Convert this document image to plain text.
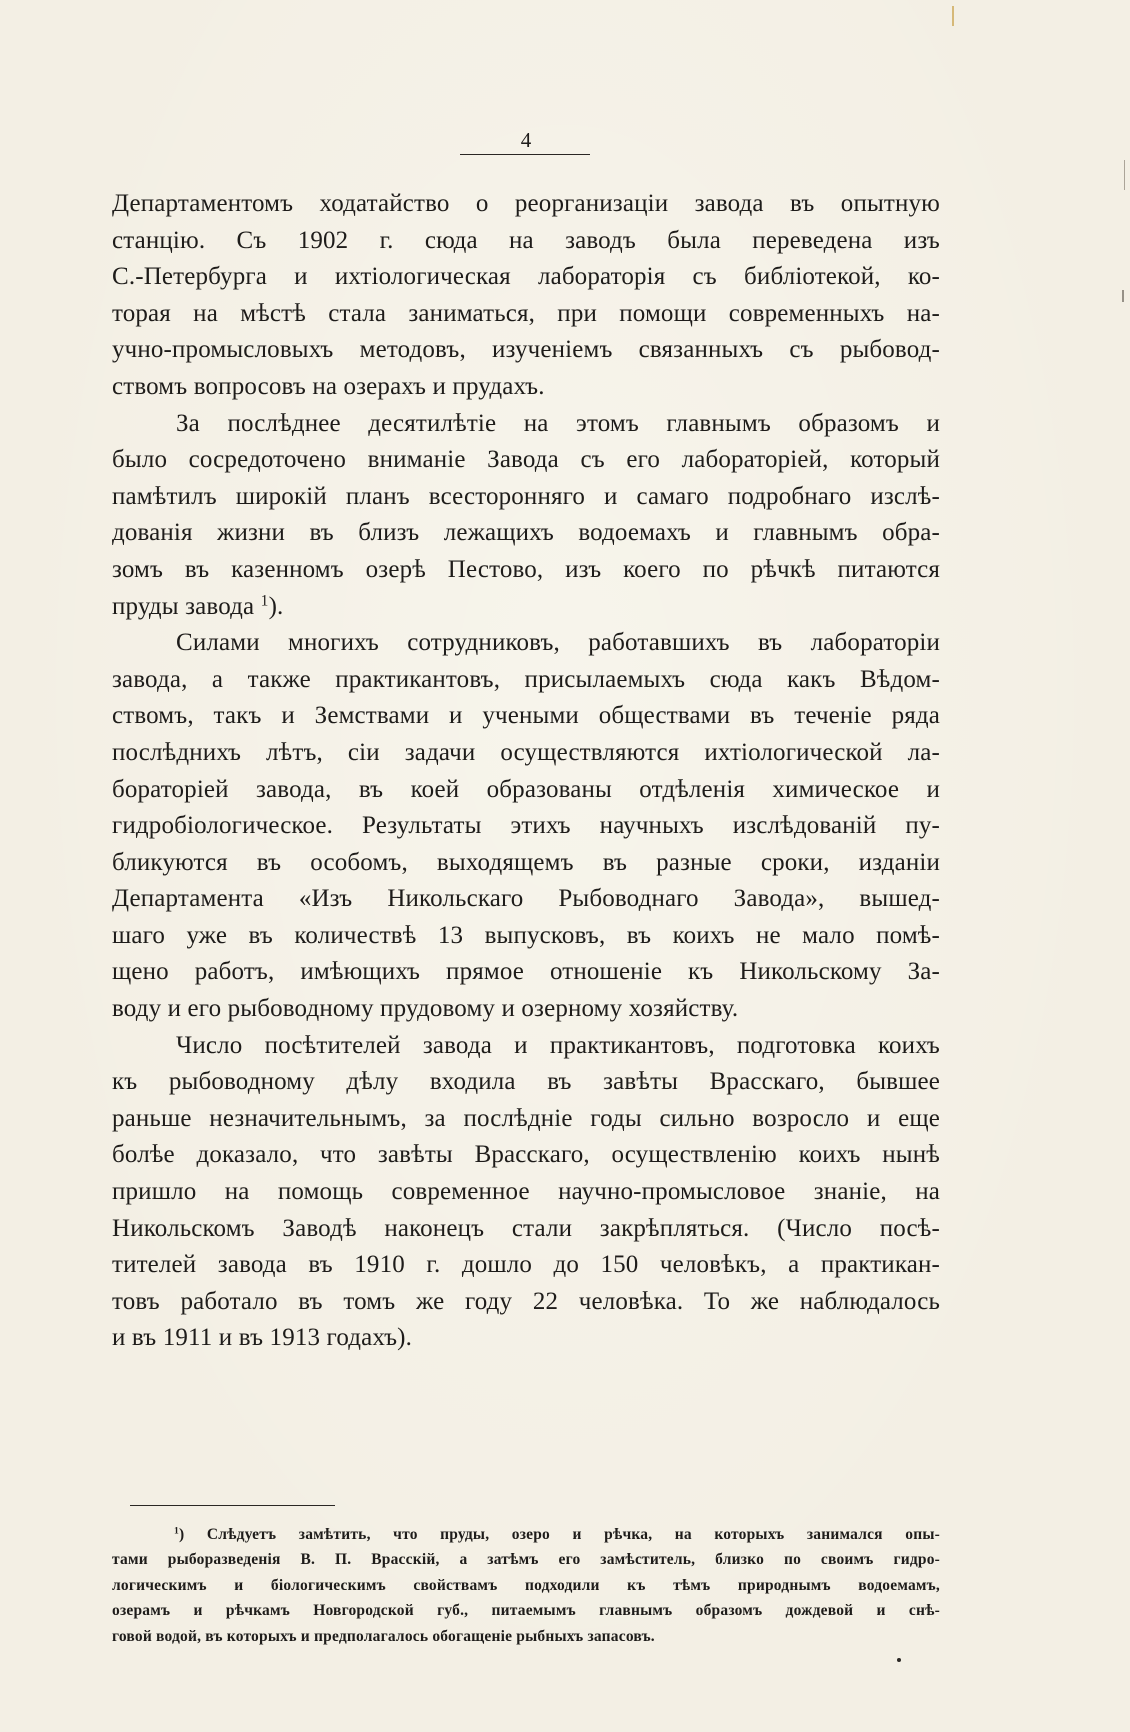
4
Департаментомъ ходатайство о реорганизаціи завода въ опытную
станцію. Съ 1902 г. сюда на заводъ была переведена изъ
С.-Петербурга и ихтіологическая лабораторія съ библіотекой, ко-
торая на мѣстѣ стала заниматься, при помощи современныхъ на-
учно-промысловыхъ методовъ, изученіемъ связанныхъ съ рыбовод-
ствомъ вопросовъ на озерахъ и прудахъ.
За послѣднее десятилѣтіе на этомъ главнымъ образомъ и
было сосредоточено вниманіе Завода съ его лабораторіей, который
памѣтилъ широкій планъ всесторонняго и самаго подробнаго изслѣ-
дованія жизни въ близъ лежащихъ водоемахъ и главнымъ обра-
зомъ въ казенномъ озерѣ Пестово, изъ коего по рѣчкѣ питаются
пруды завода $^1$).
Силами многихъ сотрудниковъ, работавшихъ въ лабораторіи
завода, а также практикантовъ, присылаемыхъ сюда какъ Вѣдом-
ствомъ, такъ и Земствами и учеными обществами въ теченіе ряда
послѣднихъ лѣтъ, сіи задачи осуществляются ихтіологической ла-
бораторіей завода, въ коей образованы отдѣленія химическое и
гидробіологическое. Результаты этихъ научныхъ изслѣдованій пу-
бликуются въ особомъ, выходящемъ въ разные сроки, изданіи
Департамента «Изъ Никольскаго Рыбоводнаго Завода», вышед-
шаго уже въ количествѣ 13 выпусковъ, въ коихъ не мало помѣ-
щено работъ, имѣющихъ прямое отношеніе къ Никольскому За-
воду и его рыбоводному прудовому и озерному хозяйству.
Число посѣтителей завода и практикантовъ, подготовка коихъ
къ рыбоводному дѣлу входила въ завѣты Врасскаго, бывшее
раньше незначительнымъ, за послѣдніе годы сильно возросло и еще
болѣе доказало, что завѣты Врасскаго, осуществленію коихъ нынѣ
пришло на помощь современное научно-промысловое знаніе, на
Никольскомъ Заводѣ наконецъ стали закрѣпляться. (Число посѣ-
тителей завода въ 1910 г. дошло до 150 человѣкъ, а практикан-
товъ работало въ томъ же году 22 человѣка. То же наблюдалось
и въ 1911 и въ 1913 годахъ).
$^1$) Слѣдуетъ замѣтить, что пруды, озеро и рѣчка, на которыхъ занимался опы-
тами рыборазведенія В. П. Врасскій, а затѣмъ его замѣститель, близко по своимъ гидро-
логическимъ и біологическимъ свойствамъ подходили къ тѣмъ природнымъ водоемамъ,
озерамъ и рѣчкамъ Новгородской губ., питаемымъ главнымъ образомъ дождевой и снѣ-
говой водой, въ которыхъ и предполагалось обогащеніе рыбныхъ запасовъ.
